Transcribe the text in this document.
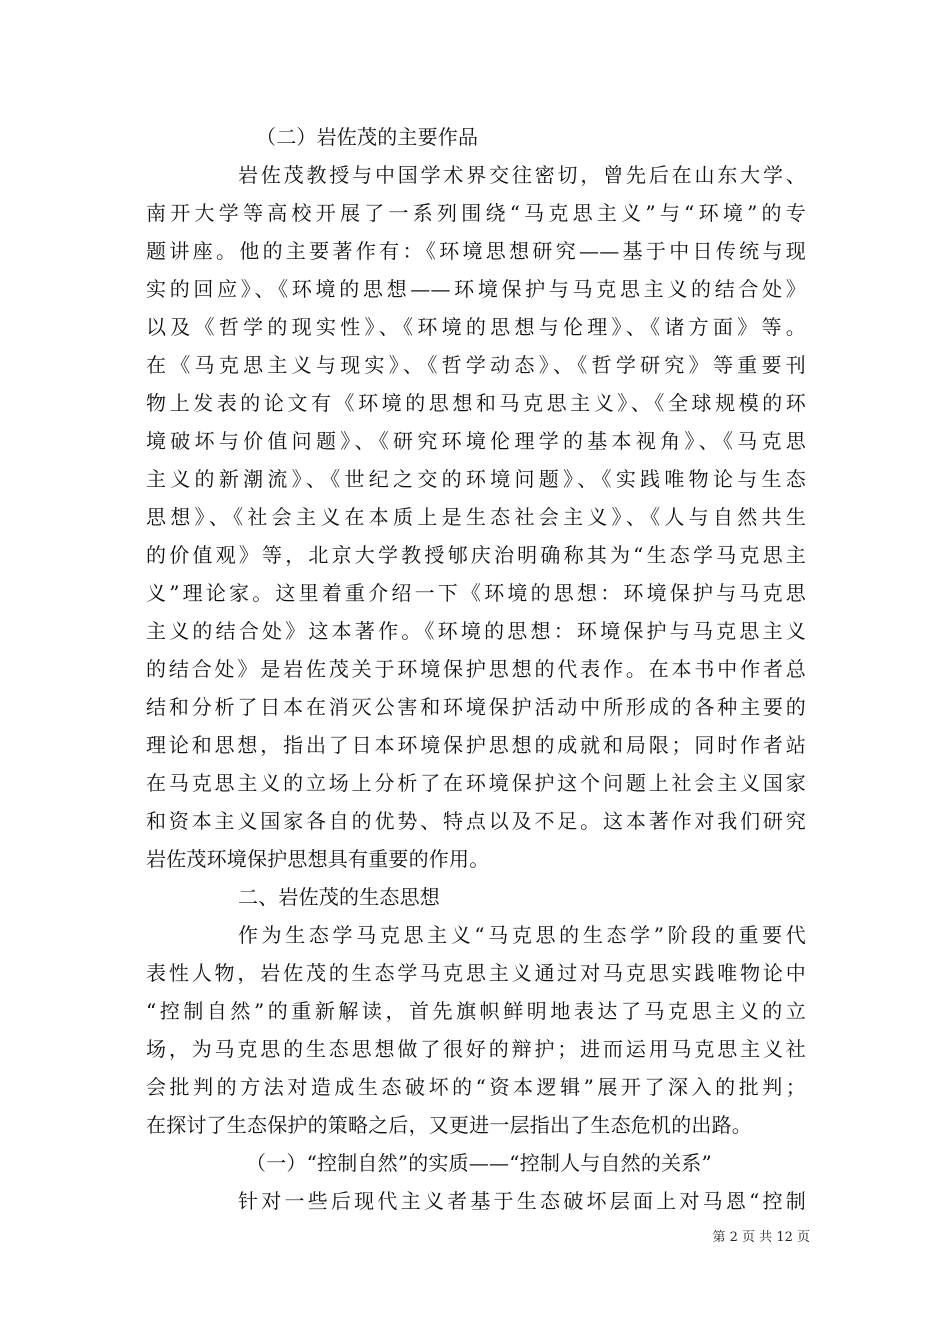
（二）岩佐茂的主要作品
岩佐茂教授与中国学术界交往密切，曾先后在山东大学、
南开大学等高校开展了一系列围绕“马克思主义”与“环境”的专
题讲座。他的主要著作有：《环境思想研究——基于中日传统与现
实的回应》、《环境的思想——环境保护与马克思主义的结合处》
以及《哲学的现实性》、《环境的思想与伦理》、《诸方面》等。
在《马克思主义与现实》、《哲学动态》、《哲学研究》等重要刊
物上发表的论文有《环境的思想和马克思主义》、《全球规模的环
境破坏与价值问题》、《研究环境伦理学的基本视角》、《马克思
主义的新潮流》、《世纪之交的环境问题》、《实践唯物论与生态
思想》、《社会主义在本质上是生态社会主义》、《人与自然共生
的价值观》等，北京大学教授郇庆治明确称其为“生态学马克思主
义”理论家。这里着重介绍一下《环境的思想：环境保护与马克思
主义的结合处》这本著作。《环境的思想：环境保护与马克思主义
的结合处》是岩佐茂关于环境保护思想的代表作。在本书中作者总
结和分析了日本在消灭公害和环境保护活动中所形成的各种主要的
理论和思想，指出了日本环境保护思想的成就和局限；同时作者站
在马克思主义的立场上分析了在环境保护这个问题上社会主义国家
和资本主义国家各自的优势、特点以及不足。这本著作对我们研究
岩佐茂环境保护思想具有重要的作用。
二、岩佐茂的生态思想
作为生态学马克思主义“马克思的生态学”阶段的重要代
表性人物，岩佐茂的生态学马克思主义通过对马克思实践唯物论中
“控制自然”的重新解读，首先旗帜鲜明地表达了马克思主义的立
场，为马克思的生态思想做了很好的辩护；进而运用马克思主义社
会批判的方法对造成生态破坏的“资本逻辑”展开了深入的批判；
在探讨了生态保护的策略之后，又更进一层指出了生态危机的出路。
（一）“控制自然”的实质——“控制人与自然的关系”
针对一些后现代主义者基于生态破坏层面上对马恩“控制
第 2 页 共 12 页
